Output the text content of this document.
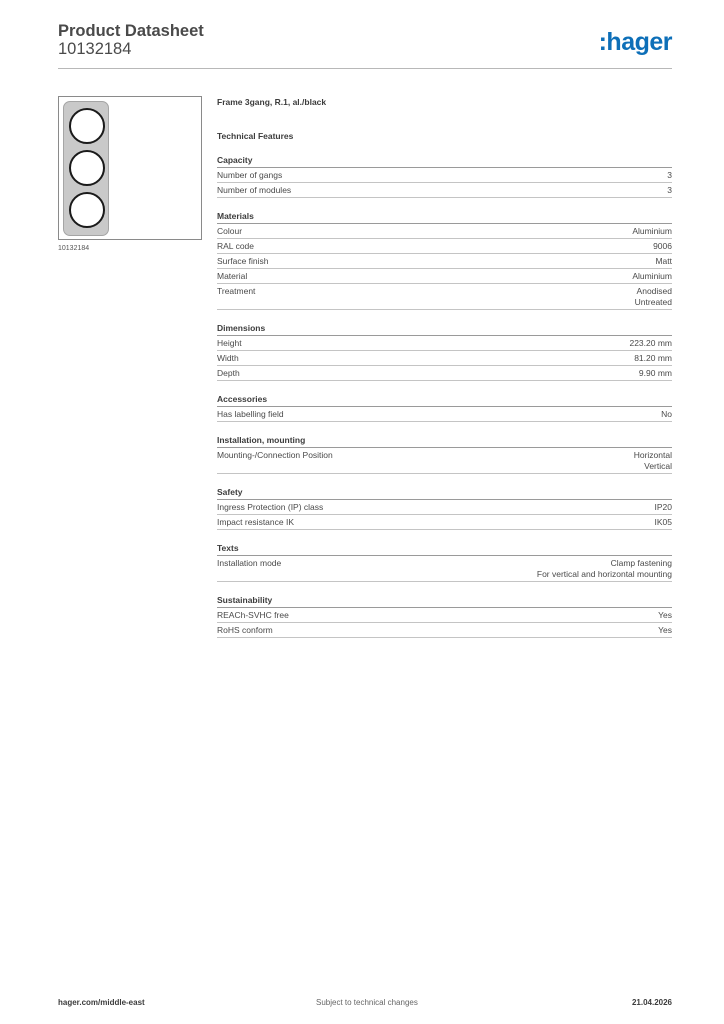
Product Datasheet
10132184	:hager
10132184
Frame 3gang, R.1, al./black
Technical Features
Capacity
Number of gangs	3
Number of modules	3
Materials
Colour	Aluminium
RAL code	9006
Surface finish	Matt
Material	Aluminium
Treatment	Anodised
Untreated
Dimensions
Height	223.20 mm
Width	81.20 mm
Depth	9.90 mm
Accessories
Has labelling field	No
Installation, mounting
Mounting-/Connection Position	Horizontal
Vertical
Safety
Ingress Protection (IP) class	IP20
Impact resistance IK	IK05
Texts
Installation mode	Clamp fastening
For vertical and horizontal mounting
Sustainability
REACh-SVHC free	Yes
RoHS conform	Yes
hager.com/middle-east	Subject to technical changes	21.04.2026
